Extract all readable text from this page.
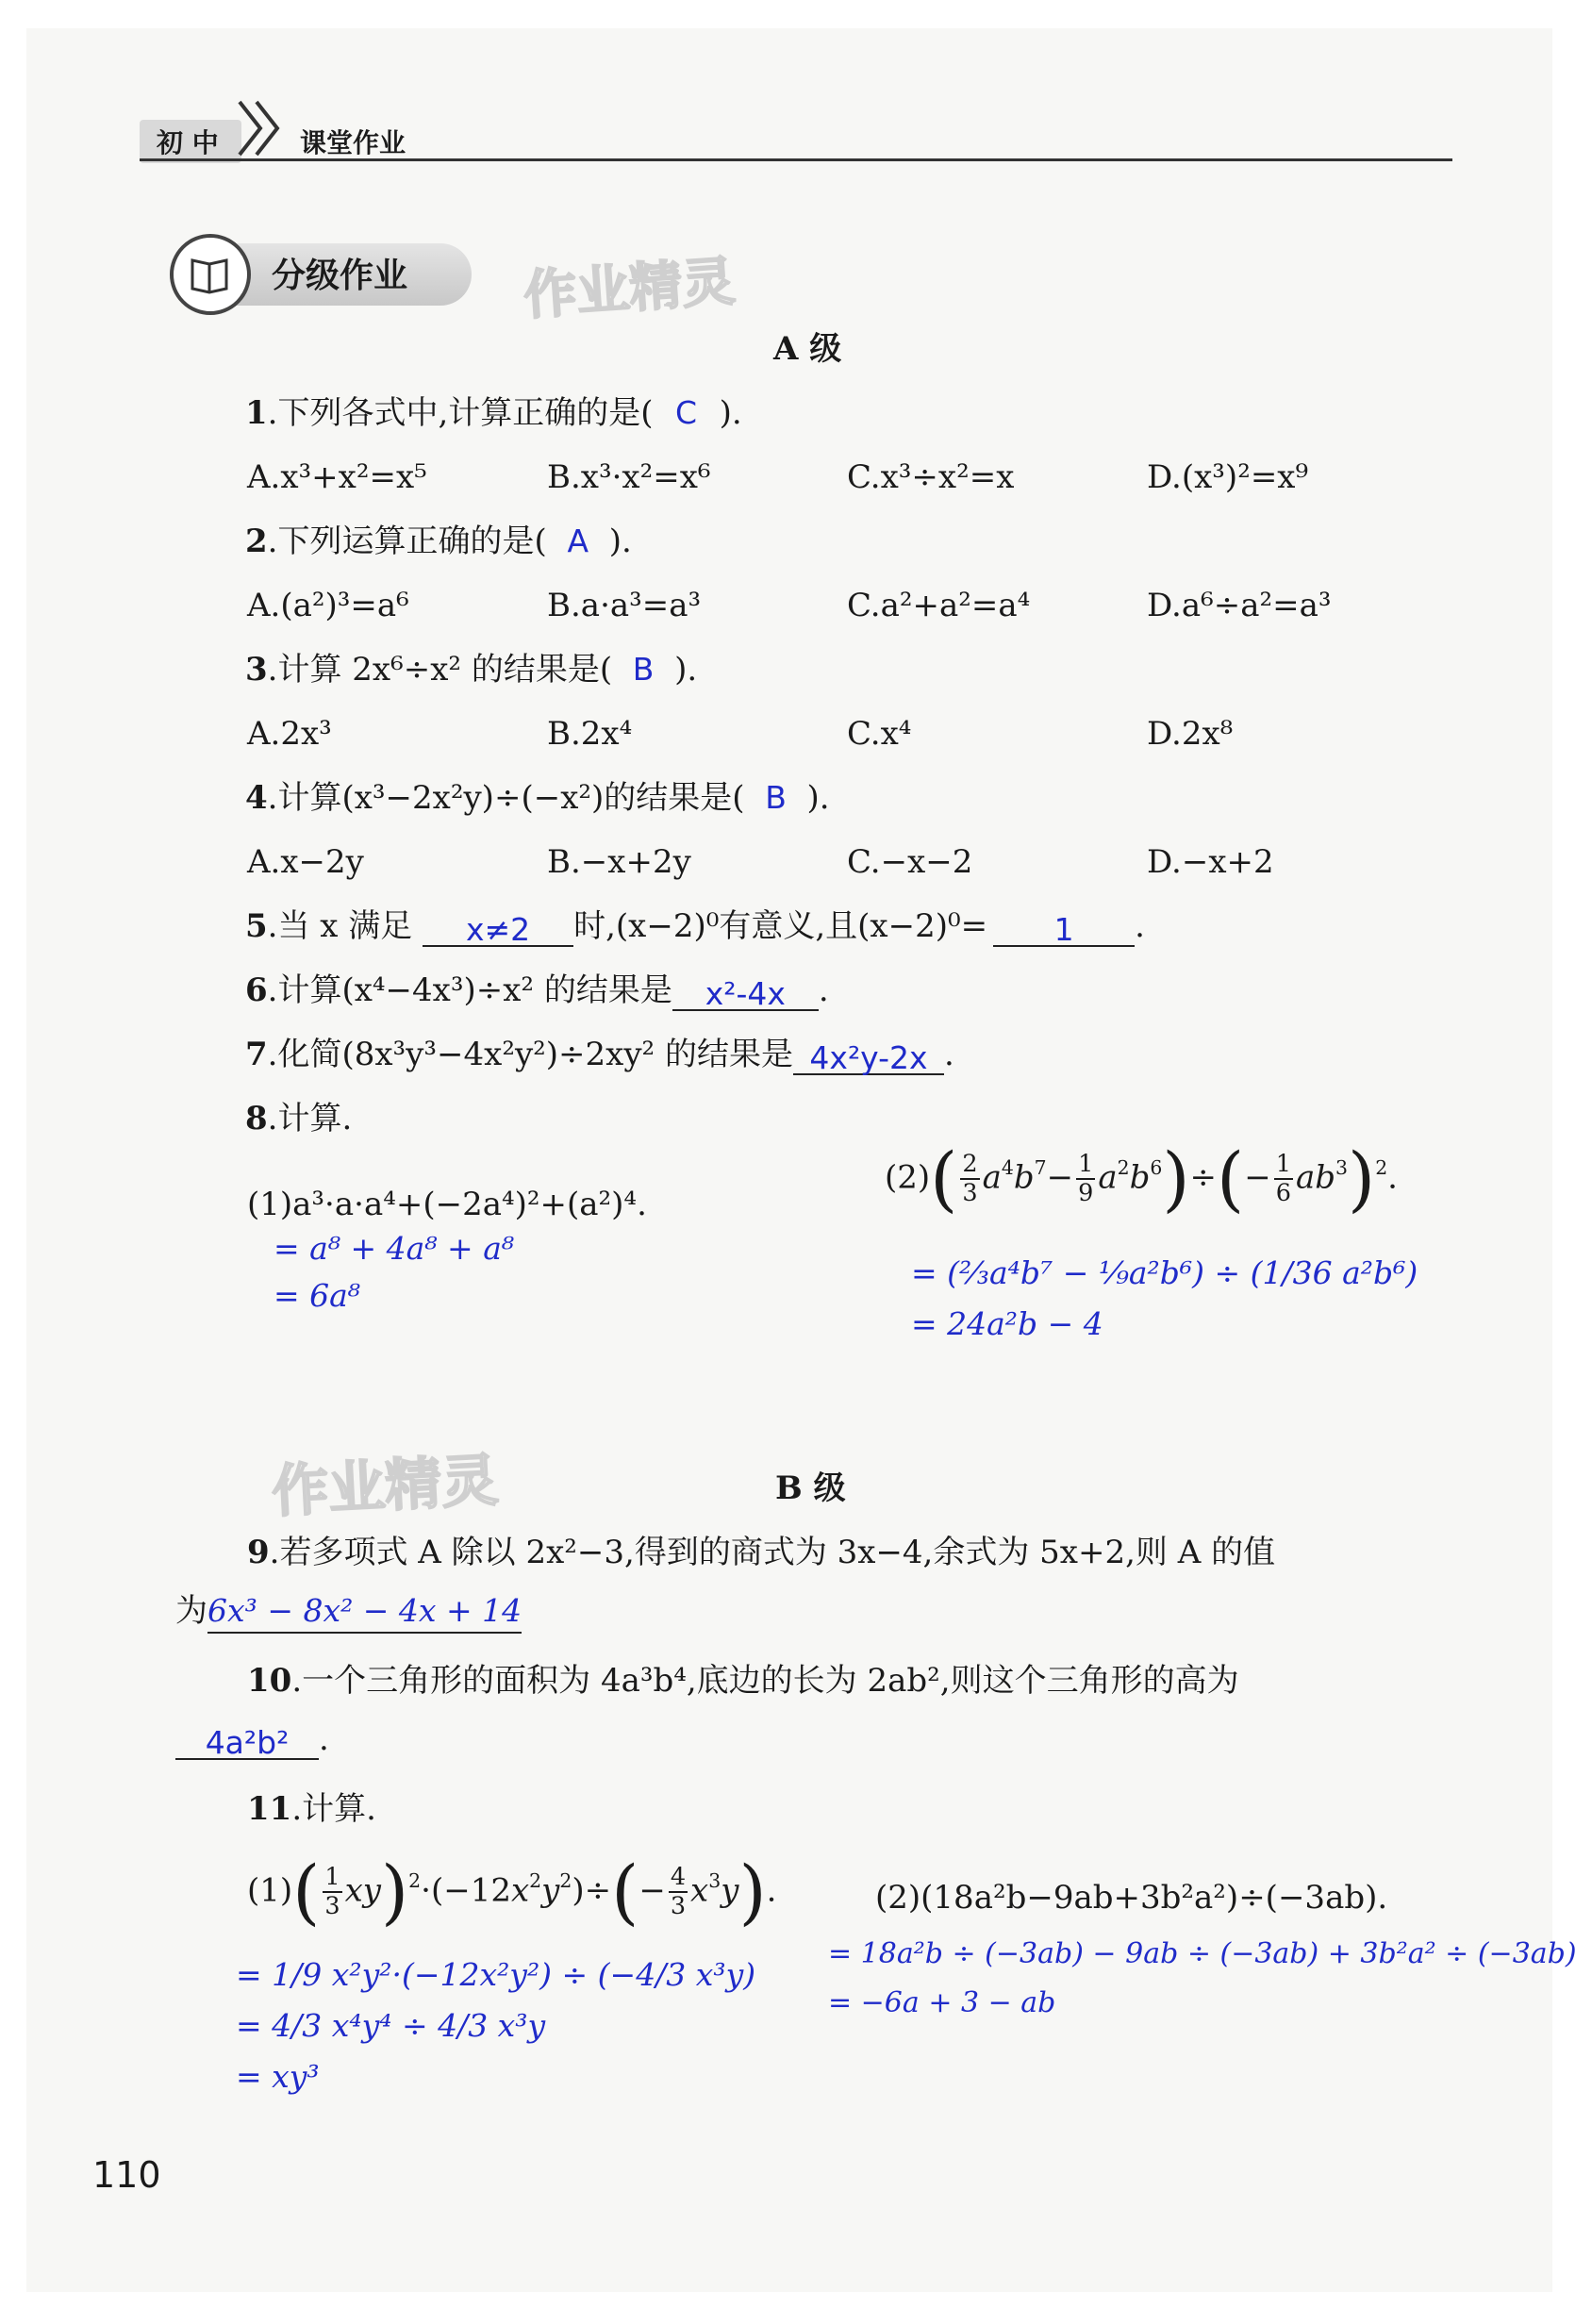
初 中	课堂作业
分级作业 作业精灵
A 级
1.下列各式中,计算正确的是( C ).
A.x³+x²=x⁵	B.x³·x²=x⁶	C.x³÷x²=x	D.(x³)²=x⁹
2.下列运算正确的是( A ).
A.(a²)³=a⁶	B.a·a³=a³	C.a²+a²=a⁴	D.a⁶÷a²=a³
3.计算 2x⁶÷x² 的结果是( B ).
A.2x³	B.2x⁴	C.x⁴	D.2x⁸
4.计算(x³−2x²y)÷(−x²)的结果是( B ).
A.x−2y	B.−x+2y	C.−x−2	D.−x+2
5.当 x 满足 x≠2 时,(x−2)⁰有意义,且(x−2)⁰= 1 .
6.计算(x⁴−4x³)÷x² 的结果是 x²-4x .
7.化简(8x³y³−4x²y²)÷2xy² 的结果是 4x²y-2x .
8.计算.
(1)a³·a·a⁴+(−2a⁴)²+(a²)⁴.
= a⁸ + 4a⁸ + a⁸
= 6a⁸
$(2)( \frac{2}{3} a^4b^7- \frac{1}{9} a^2b^6)\div(- \frac{1}{6} ab^3)^2$.
= (⅔a⁴b⁷ − ⅑a²b⁶) ÷ (1/36 a²b⁶)
= 24a²b − 4
作业精灵	B 级
9.若多项式 A 除以 2x²−3,得到的商式为 3x−4,余式为 5x+2,则 A 的值
为6x³ − 8x² − 4x + 14
10.一个三角形的面积为 4a³b⁴,底边的长为 2ab²,则这个三角形的高为
4a²b² .
11.计算.
$(1)( \frac{1}{3} xy)^2\cdot(-12x^2y^2)\div(- \frac{4}{3} x^3y)$.	(2)(18a²b−9ab+3b²a²)÷(−3ab).
= 1/9 x²y²·(−12x²y²) ÷ (−4/3 x³y)
= 4/3 x⁴y⁴ ÷ 4/3 x³y
= xy³
= 18a²b ÷ (−3ab) − 9ab ÷ (−3ab) + 3b²a² ÷ (−3ab)
= −6a + 3 − ab
110
